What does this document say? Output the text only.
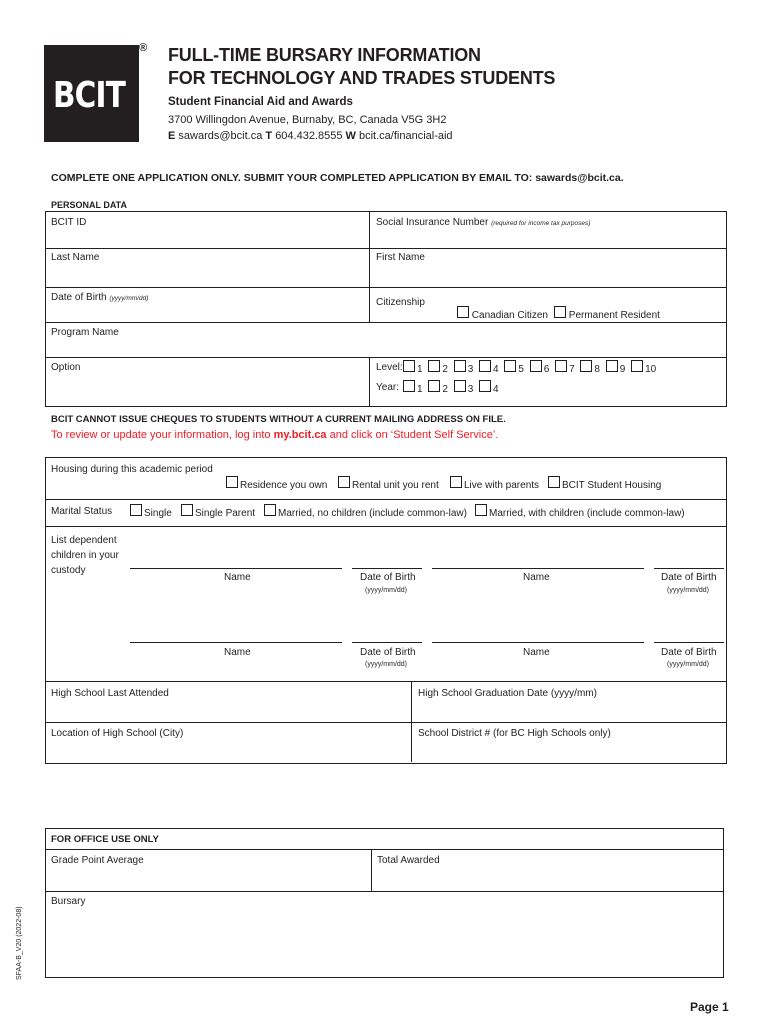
BCIT
® FULL-TIME BURSARY INFORMATION
FOR TECHNOLOGY AND TRADES STUDENTS
Student Financial Aid and Awards
3700 Willingdon Avenue, Burnaby, BC, Canada V5G 3H2
E sawards@bcit.ca T 604.432.8555 W bcit.ca/financial-aid
COMPLETE ONE APPLICATION ONLY. SUBMIT YOUR COMPLETED APPLICATION BY EMAIL TO: sawards@bcit.ca.
PERSONAL DATA
BCIT ID	Social Insurance Number (required for income tax purposes)
Last Name	First Name
Date of Birth (yyyy/mm/dd)	Citizenship
Canadian Citizen	Permanent Resident
Program Name
Option	Level:	1 2 3 4 5 6 7 8 9 10
Year:	1 2 3 4
BCIT CANNOT ISSUE CHEQUES TO STUDENTS WITHOUT A CURRENT MAILING ADDRESS ON FILE.
To review or update your information, log into my.bcit.ca and click on ‘Student Self Service’.
Housing during this academic period
Residence you own	Rental unit you rent	Live with parents	BCIT Student Housing
Marital Status	Single	Single Parent	Married, no children (include common-law)	Married, with children (include common-law)
List dependent
children in your
custody
Name	Date of Birth
(yyyy/mm/dd)
Name	Date of Birth
(yyyy/mm/dd)
Name	Date of Birth
(yyyy/mm/dd)
Name	Date of Birth
(yyyy/mm/dd)
High School Last Attended	High School Graduation Date (yyyy/mm)
Location of High School (City)	School District # (for BC High Schools only)
FOR OFFICE USE ONLY
Grade Point Average	Total Awarded
Bursary
SFAA-B_V20 (2022-08)
Page 1
